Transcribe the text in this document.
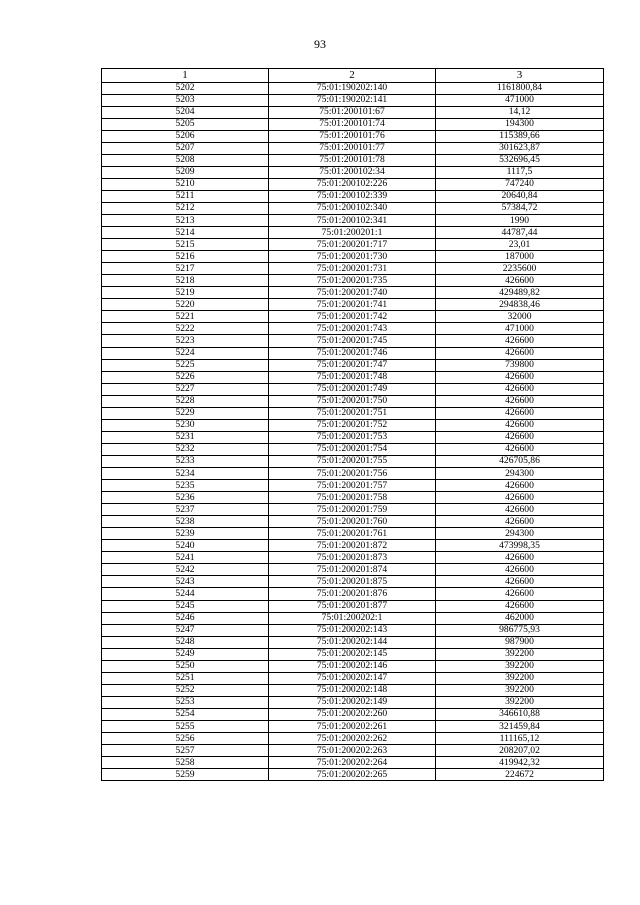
93
1	2	3
5202	75:01:190202:140	1161800,84
5203	75:01:190202:141	471000
5204	75:01:200101:67	14,12
5205	75:01:200101:74	194300
5206	75:01:200101:76	115389,66
5207	75:01:200101:77	301623,87
5208	75:01:200101:78	532696,45
5209	75:01:200102:34	1117,5
5210	75:01:200102:226	747240
5211	75:01:200102:339	20640,84
5212	75:01:200102:340	57384,72
5213	75:01:200102:341	1990
5214	75:01:200201:1	44787,44
5215	75:01:200201:717	23,01
5216	75:01:200201:730	187000
5217	75:01:200201:731	2235600
5218	75:01:200201:735	426600
5219	75:01:200201:740	429489,82
5220	75:01:200201:741	294838,46
5221	75:01:200201:742	32000
5222	75:01:200201:743	471000
5223	75:01:200201:745	426600
5224	75:01:200201:746	426600
5225	75:01:200201:747	739800
5226	75:01:200201:748	426600
5227	75:01:200201:749	426600
5228	75:01:200201:750	426600
5229	75:01:200201:751	426600
5230	75:01:200201:752	426600
5231	75:01:200201:753	426600
5232	75:01:200201:754	426600
5233	75:01:200201:755	426705,86
5234	75:01:200201:756	294300
5235	75:01:200201:757	426600
5236	75:01:200201:758	426600
5237	75:01:200201:759	426600
5238	75:01:200201:760	426600
5239	75:01:200201:761	294300
5240	75:01:200201:872	473998,35
5241	75:01:200201:873	426600
5242	75:01:200201:874	426600
5243	75:01:200201:875	426600
5244	75:01:200201:876	426600
5245	75:01:200201:877	426600
5246	75:01:200202:1	462000
5247	75:01:200202:143	986775,93
5248	75:01:200202:144	987900
5249	75:01:200202:145	392200
5250	75:01:200202:146	392200
5251	75:01:200202:147	392200
5252	75:01:200202:148	392200
5253	75:01:200202:149	392200
5254	75:01:200202:260	346610,88
5255	75:01:200202:261	321459,84
5256	75:01:200202:262	111165,12
5257	75:01:200202:263	208207,02
5258	75:01:200202:264	419942,32
5259	75:01:200202:265	224672
